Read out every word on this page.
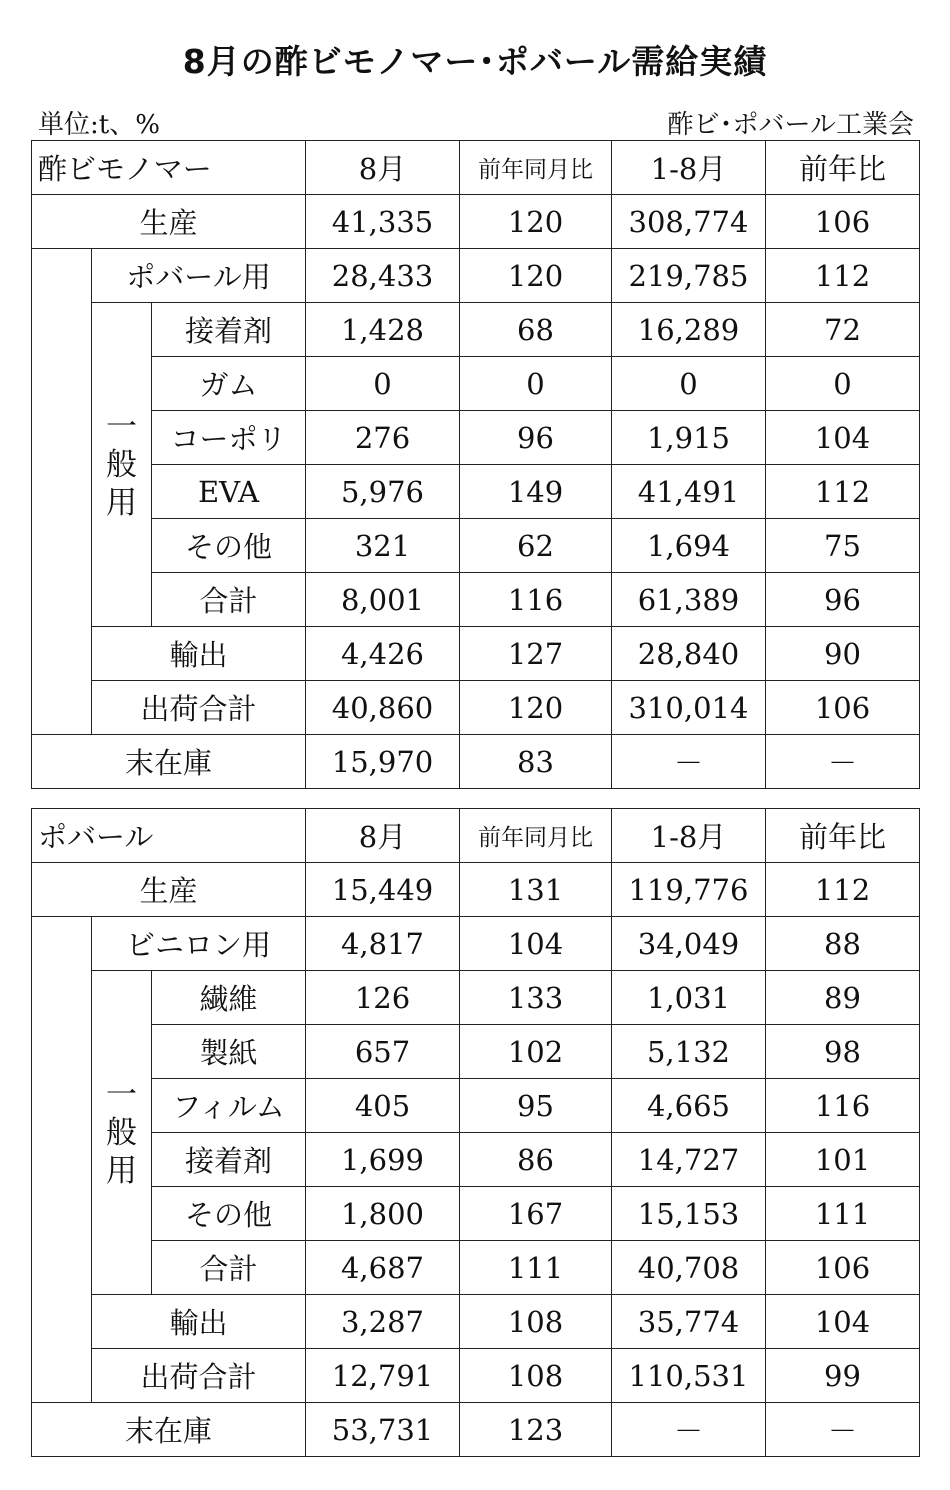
8月の酢ビモノマー･ポバール需給実績
単位:t、%	酢ビ･ポバール工業会
酢ビモノマー			8月	前年同月比	1-8月	前年比
生産			41,335	120	308,774	106
	ポバール用		28,433	120	219,785	112
	一般用	接着剤	1,428	68	16,289	72
		ガム	0	0	0	0
		コーポリ	276	96	1,915	104
		EVA	5,976	149	41,491	112
		その他	321	62	1,694	75
		合計	8,001	116	61,389	96
	輸出		4,426	127	28,840	90
	出荷合計		40,860	120	310,014	106
末在庫			15,970	83	－	－
ポバール			8月	前年同月比	1-8月	前年比
生産			15,449	131	119,776	112
	ビニロン用		4,817	104	34,049	88
	一般用	繊維	126	133	1,031	89
		製紙	657	102	5,132	98
		フィルム	405	95	4,665	116
		接着剤	1,699	86	14,727	101
		その他	1,800	167	15,153	111
		合計	4,687	111	40,708	106
	輸出		3,287	108	35,774	104
	出荷合計		12,791	108	110,531	99
末在庫			53,731	123	－	－
